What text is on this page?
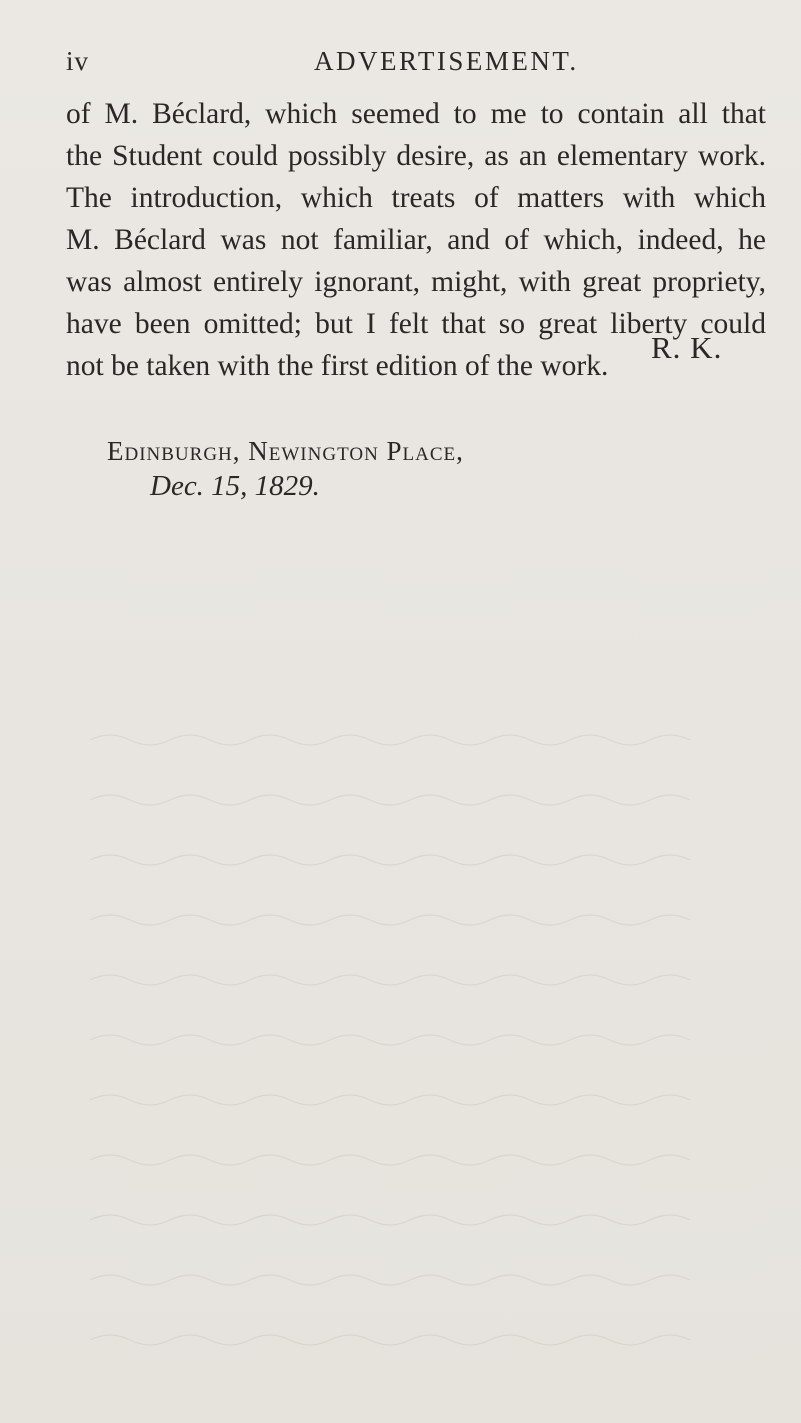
iv	ADVERTISEMENT.
of M. Béclard, which seemed to me to contain all that
the Student could possibly desire, as an elementary work.
The introduction, which treats of matters with which
M. Béclard was not familiar, and of which, indeed, he
was almost entirely ignorant, might, with great propriety,
have been omitted; but I felt that so great liberty could
not be taken with the first edition of the work.
R. K.
Edinburgh, Newington Place,
Dec. 15, 1829.
